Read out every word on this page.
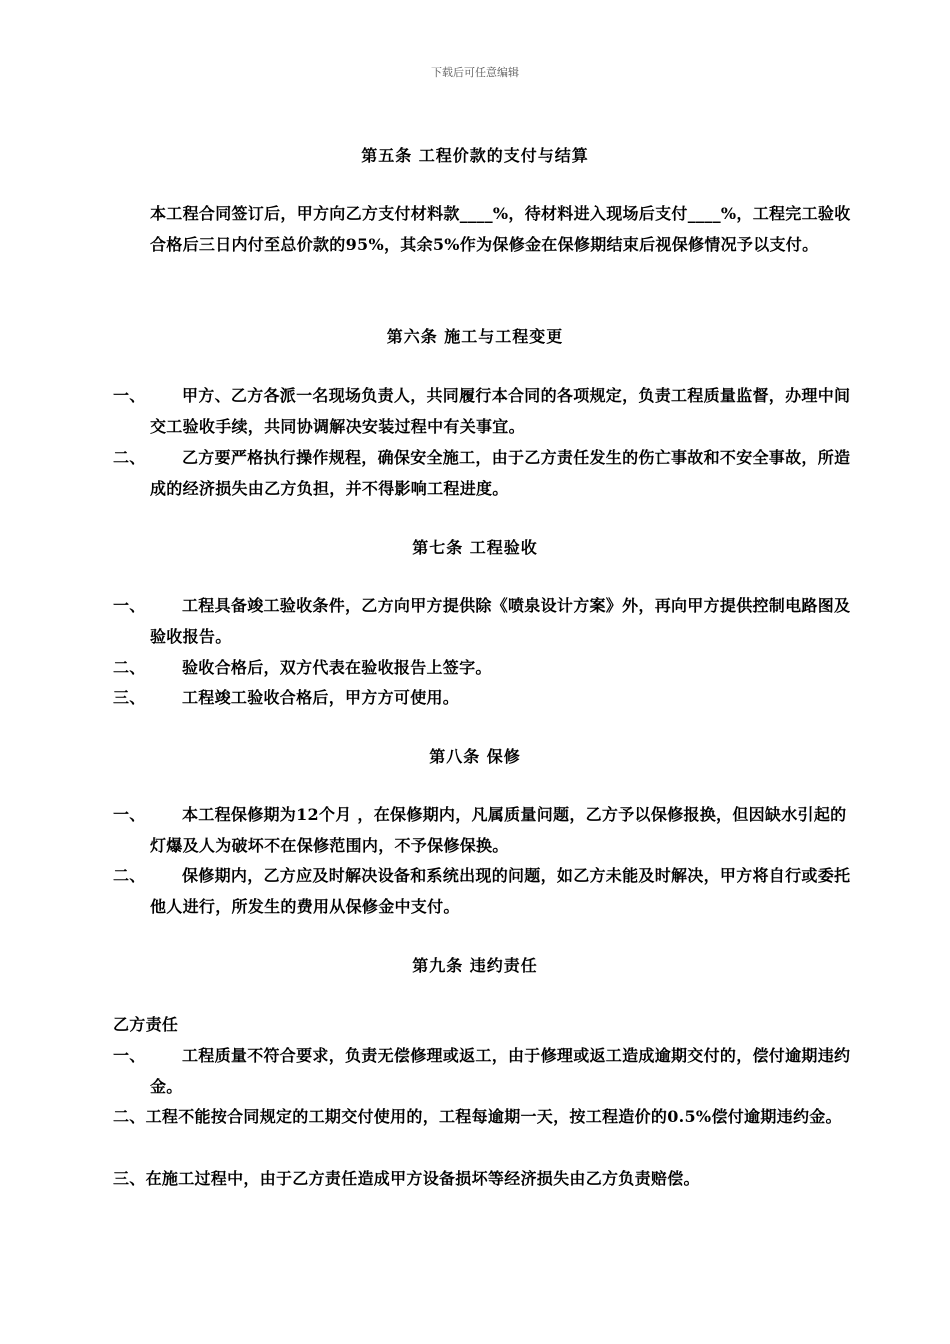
下载后可任意编辑
第五条 工程价款的支付与结算
本工程合同签订后，甲方向乙方支付材料款____%，待材料进入现场后支付____%，工程完工验收合格后三日内付至总价款的95%，其余5%作为保修金在保修期结束后视保修情况予以支付。
第六条 施工与工程变更
一、	甲方、乙方各派一名现场负责人，共同履行本合同的各项规定，负责工程质量监督，办理中间交工验收手续，共同协调解决安装过程中有关事宜。
二、	乙方要严格执行操作规程，确保安全施工，由于乙方责任发生的伤亡事故和不安全事故，所造成的经济损失由乙方负担，并不得影响工程进度。
第七条 工程验收
一、	工程具备竣工验收条件，乙方向甲方提供除《喷泉设计方案》外，再向甲方提供控制电路图及验收报告。
二、	验收合格后，双方代表在验收报告上签字。
三、	工程竣工验收合格后，甲方方可使用。
第八条 保修
一、	本工程保修期为12个月 ，在保修期内，凡属质量问题，乙方予以保修报换，但因缺水引起的灯爆及人为破坏不在保修范围内，不予保修保换。
二、	保修期内，乙方应及时解决设备和系统出现的问题，如乙方未能及时解决，甲方将自行或委托他人进行，所发生的费用从保修金中支付。
第九条 违约责任
乙方责任
一、	工程质量不符合要求，负责无偿修理或返工，由于修理或返工造成逾期交付的，偿付逾期违约金。
二、工程不能按合同规定的工期交付使用的，工程每逾期一天，按工程造价的0.5%偿付逾期违约金。
三、在施工过程中，由于乙方责任造成甲方设备损坏等经济损失由乙方负责赔偿。
